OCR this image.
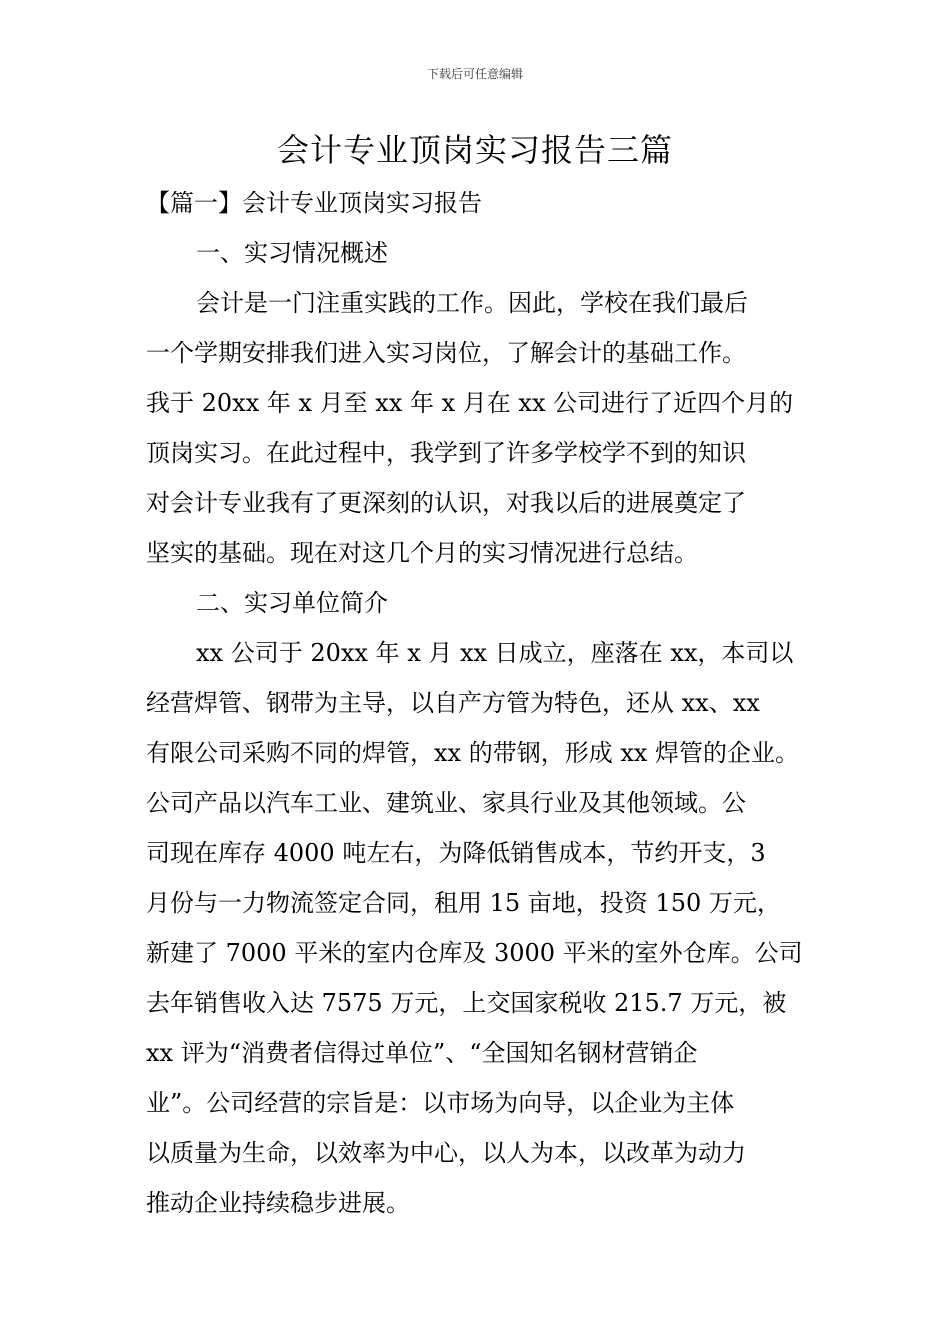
下载后可任意编辑
会计专业顶岗实习报告三篇
【篇一】会计专业顶岗实习报告
一、实习情况概述
会计是一门注重实践的工作。因此，学校在我们最后
一个学期安排我们进入实习岗位，了解会计的基础工作。
我于 20xx 年 x 月至 xx 年 x 月在 xx 公司进行了近四个月的
顶岗实习。在此过程中，我学到了许多学校学不到的知识
对会计专业我有了更深刻的认识，对我以后的进展奠定了
坚实的基础。现在对这几个月的实习情况进行总结。
二、实习单位简介
xx 公司于 20xx 年 x 月 xx 日成立，座落在 xx，本司以
经营焊管、钢带为主导，以自产方管为特色，还从 xx、xx
有限公司采购不同的焊管，xx 的带钢，形成 xx 焊管的企业。
公司产品以汽车工业、建筑业、家具行业及其他领域。公
司现在库存 4000 吨左右，为降低销售成本，节约开支，3
月份与一力物流签定合同，租用 15 亩地，投资 150 万元，
新建了 7000 平米的室内仓库及 3000 平米的室外仓库。公司
去年销售收入达 7575 万元，上交国家税收 215.7 万元，被
xx 评为“消费者信得过单位”、“全国知名钢材营销企
业”。公司经营的宗旨是：以市场为向导，以企业为主体
以质量为生命，以效率为中心，以人为本，以改革为动力
推动企业持续稳步进展。
